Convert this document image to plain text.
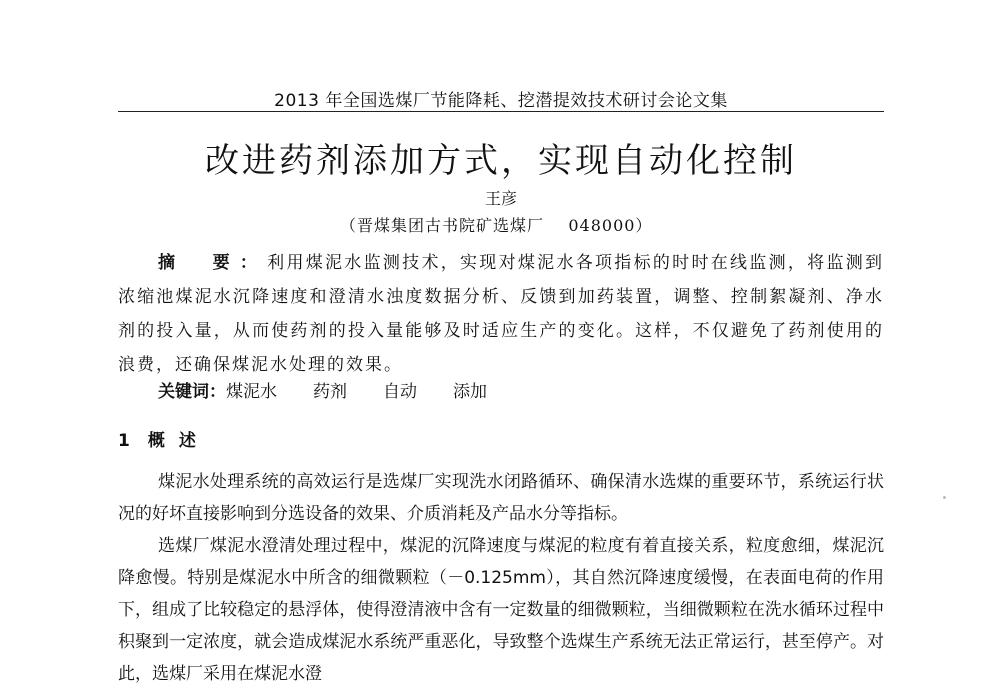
2013 年全国选煤厂节能降耗、挖潜提效技术研讨会论文集
改进药剂添加方式，实现自动化控制
王彦
（晋煤集团古书院矿选煤厂    048000）
摘　要：利用煤泥水监测技术，实现对煤泥水各项指标的时时在线监测，将监测到浓缩池煤泥水沉降速度和澄清水浊度数据分析、反馈到加药装置，调整、控制絮凝剂、净水剂的投入量，从而使药剂的投入量能够及时适应生产的变化。这样，不仅避免了药剂使用的浪费，还确保煤泥水处理的效果。
关键词：煤泥水 药剂 自动 添加
1 概述

煤泥水处理系统的高效运行是选煤厂实现洗水闭路循环、确保清水选煤的重要环节，系统运行状况的好坏直接影响到分选设备的效果、介质消耗及产品水分等指标。

选煤厂煤泥水澄清处理过程中，煤泥的沉降速度与煤泥的粒度有着直接关系，粒度愈细，煤泥沉降愈慢。特别是煤泥水中所含的细微颗粒（－0.125mm），其自然沉降速度缓慢，在表面电荷的作用下，组成了比较稳定的悬浮体，使得澄清液中含有一定数量的细微颗粒，当细微颗粒在洗水循环过程中积聚到一定浓度，就会造成煤泥水系统严重恶化，导致整个选煤生产系统无法正常运行，甚至停产。对此，选煤厂采用在煤泥水澄
